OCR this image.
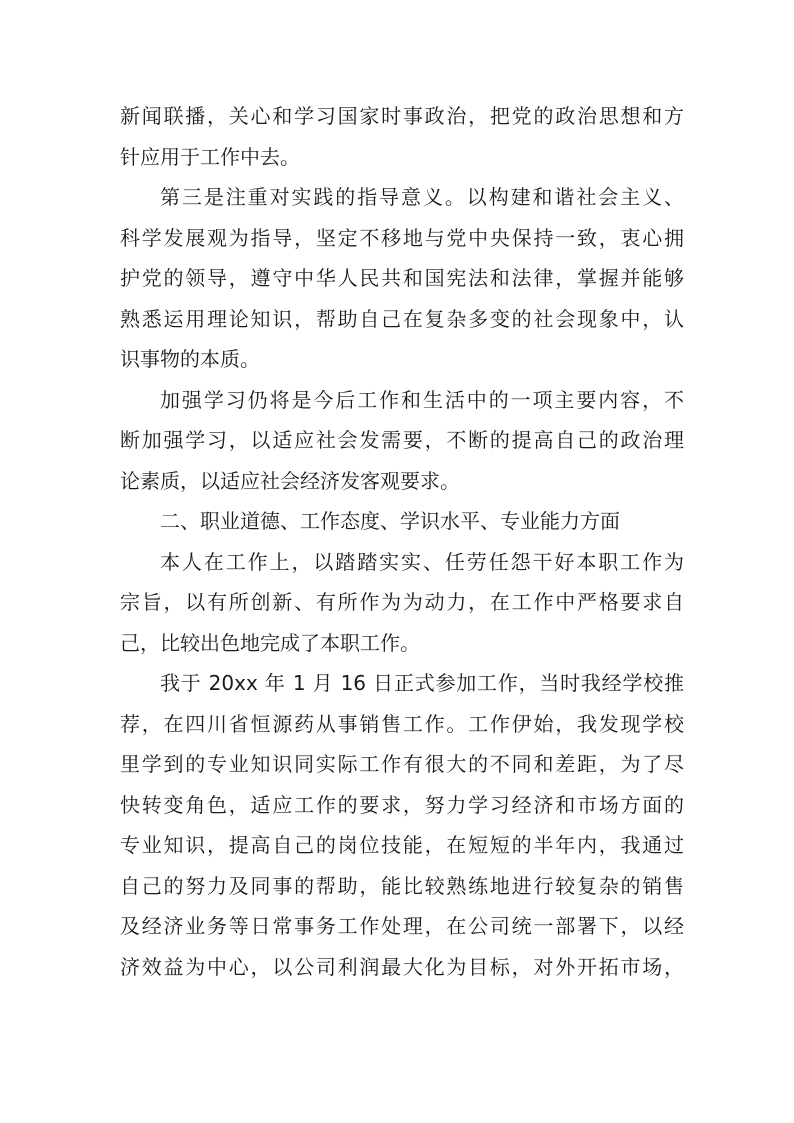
新闻联播，关心和学习国家时事政治，把党的政治思想和方
针应用于工作中去。
第三是注重对实践的指导意义。以构建和谐社会主义、
科学发展观为指导，坚定不移地与党中央保持一致，衷心拥
护党的领导，遵守中华人民共和国宪法和法律，掌握并能够
熟悉运用理论知识，帮助自己在复杂多变的社会现象中，认
识事物的本质。
加强学习仍将是今后工作和生活中的一项主要内容，不
断加强学习，以适应社会发需要，不断的提高自己的政治理
论素质，以适应社会经济发客观要求。
二、职业道德、工作态度、学识水平、专业能力方面
本人在工作上，以踏踏实实、任劳任怨干好本职工作为
宗旨，以有所创新、有所作为为动力，在工作中严格要求自
己，比较出色地完成了本职工作。
我于 20xx 年 1 月 16 日正式参加工作，当时我经学校推
荐，在四川省恒源药从事销售工作。工作伊始，我发现学校
里学到的专业知识同实际工作有很大的不同和差距，为了尽
快转变角色，适应工作的要求，努力学习经济和市场方面的
专业知识，提高自己的岗位技能，在短短的半年内，我通过
自己的努力及同事的帮助，能比较熟练地进行较复杂的销售
及经济业务等日常事务工作处理，在公司统一部署下，以经
济效益为中心，以公司利润最大化为目标，对外开拓市场，
